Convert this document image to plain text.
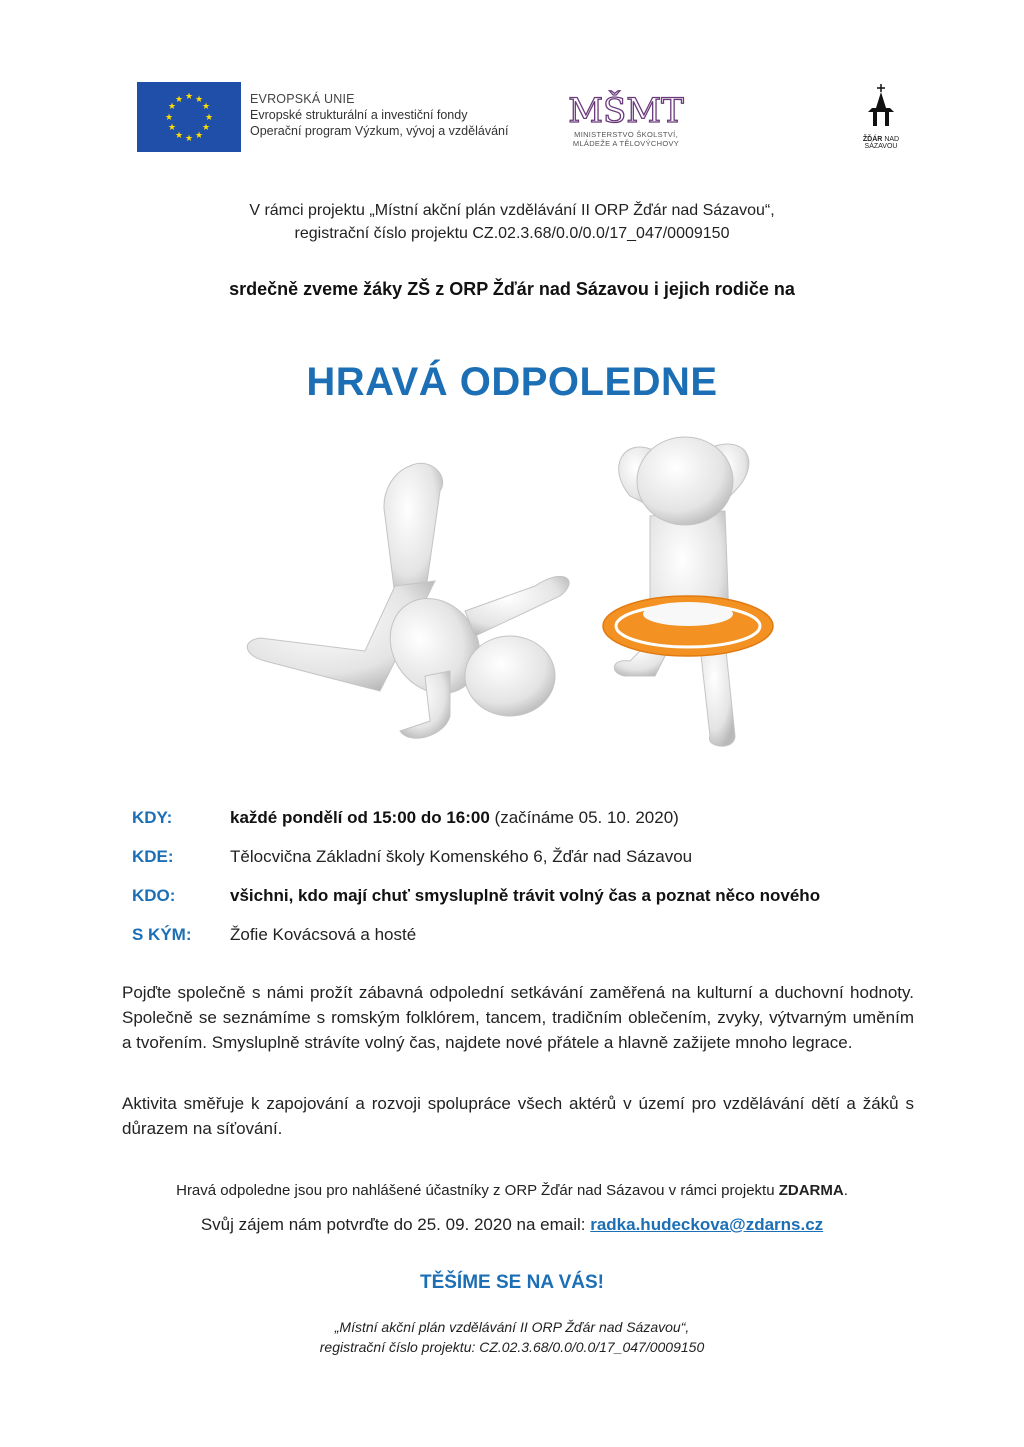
★ ★
★
★
★
★
★
★
★
★
★
★	EVROPSKÁ UNIE
Evropské strukturální a investiční fondy
Operační program Výzkum, vývoj a vzdělávání MŠMT
MINISTERSTVO ŠKOLSTVÍ,
MLÁDEŽE A TĚLOVÝCHOVY	ŽĎÁR NAD SÁZAVOU
V rámci projektu „Místní akční plán vzdělávání II ORP Žďár nad Sázavou“,
registrační číslo projektu CZ.02.3.68/0.0/0.0/17_047/0009150
srdečně zveme žáky ZŠ z ORP Žďár nad Sázavou i jejich rodiče na
HRAVÁ ODPOLEDNE
KDY:	každé pondělí od 15:00 do 16:00 (začínáme 05. 10. 2020)
KDE:	Tělocvična Základní školy Komenského 6, Žďár nad Sázavou
KDO:	všichni, kdo mají chuť smysluplně trávit volný čas a poznat něco nového
S KÝM: Žofie Kovácsová a hosté
Pojďte společně s námi prožít zábavná odpolední setkávání zaměřená na kulturní a duchovní hodnoty. Společně se seznámíme s romským folklórem, tancem, tradičním oblečením, zvyky, výtvarným uměním a tvořením. Smysluplně strávíte volný čas, najdete nové přátele a hlavně zažijete mnoho legrace.
Aktivita směřuje k zapojování a rozvoji spolupráce všech aktérů v území pro vzdělávání dětí a žáků s důrazem na síťování.
Hravá odpoledne jsou pro nahlášené účastníky z ORP Žďár nad Sázavou v rámci projektu ZDARMA.
Svůj zájem nám potvrďte do 25. 09. 2020 na email: radka.hudeckova@zdarns.cz
TĚŠÍME SE NA VÁS!
„Místní akční plán vzdělávání II ORP Žďár nad Sázavou“,
registrační číslo projektu: CZ.02.3.68/0.0/0.0/17_047/0009150
